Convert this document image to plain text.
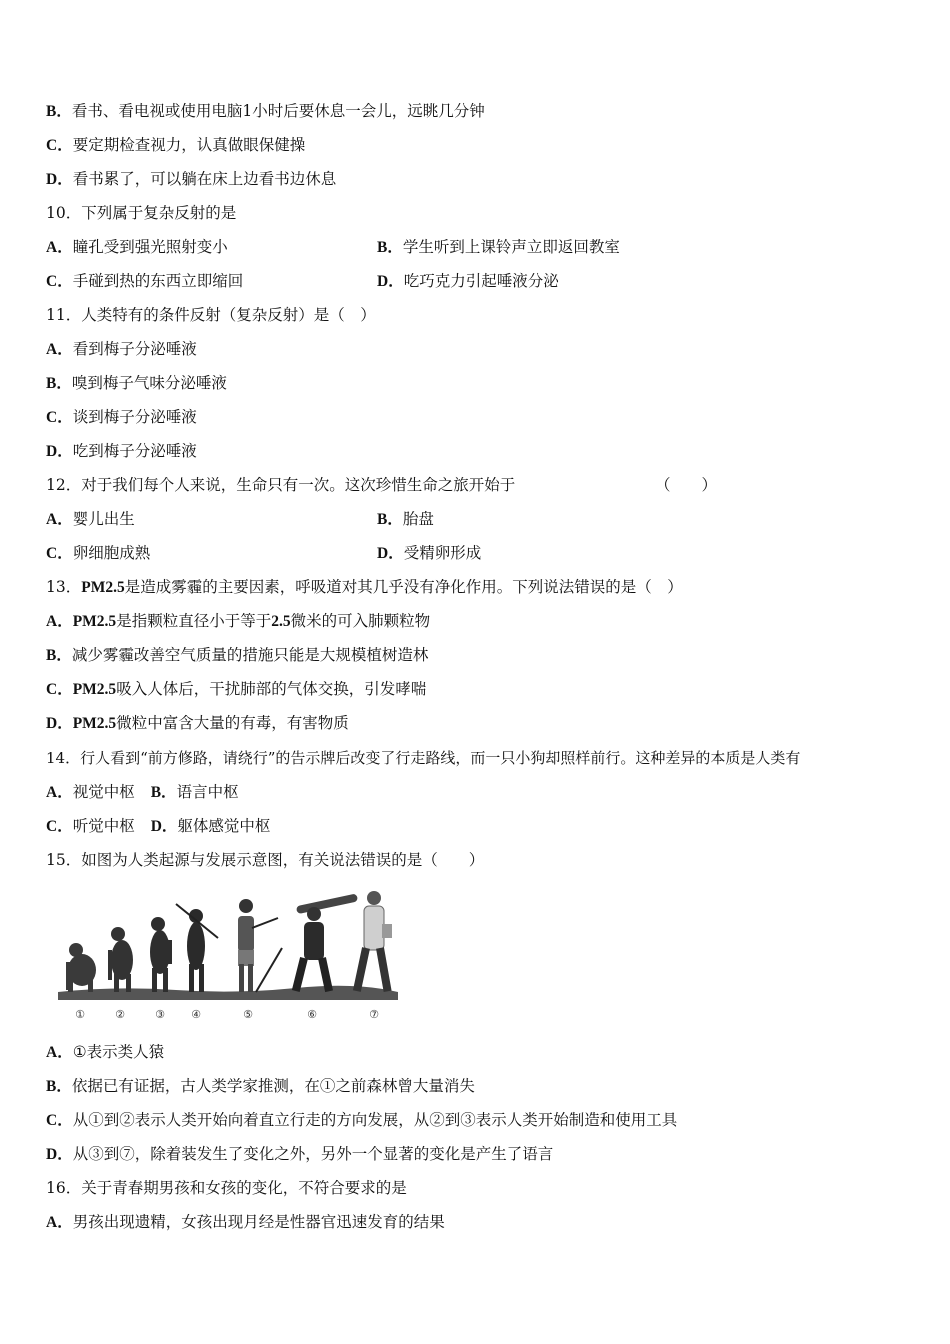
B．看书、看电视或使用电脑1小时后要休息一会儿，远眺几分钟
C．要定期检查视力，认真做眼保健操
D．看书累了，可以躺在床上边看书边休息
10．下列属于复杂反射的是
A．瞳孔受到强光照射变小	B．学生听到上课铃声立即返回教室
C．手碰到热的东西立即缩回	D．吃巧克力引起唾液分泌
11．人类特有的条件反射（复杂反射）是（　）
A．看到梅子分泌唾液
B．嗅到梅子气味分泌唾液
C．谈到梅子分泌唾液
D．吃到梅子分泌唾液
12．对于我们每个人来说，生命只有一次。这次珍惜生命之旅开始于	（　　）
A．婴儿出生	B．胎盘
C．卵细胞成熟	D．受精卵形成
13．PM2.5是造成雾霾的主要因素，呼吸道对其几乎没有净化作用。下列说法错误的是（　）
A．PM2.5是指颗粒直径小于等于2.5微米的可入肺颗粒物
B．减少雾霾改善空气质量的措施只能是大规模植树造林
C．PM2.5吸入人体后，干扰肺部的气体交换，引发哮喘
D．PM2.5微粒中富含大量的有毒，有害物质
14．行人看到“前方修路，请绕行”的告示牌后改变了行走路线，而一只小狗却照样前行。这种差异的本质是人类有
A．视觉中枢 B．语言中枢
C．听觉中枢 D．躯体感觉中枢
15．如图为人类起源与发展示意图，有关说法错误的是（　　）
①	②	③ ④	⑤	⑥	⑦
A．①表示类人猿
B．依据已有证据，古人类学家推测，在①之前森林曾大量消失
C．从①到②表示人类开始向着直立行走的方向发展，从②到③表示人类开始制造和使用工具
D．从③到⑦，除着装发生了变化之外，另外一个显著的变化是产生了语言
16．关于青春期男孩和女孩的变化，不符合要求的是
A．男孩出现遗精，女孩出现月经是性器官迅速发育的结果
